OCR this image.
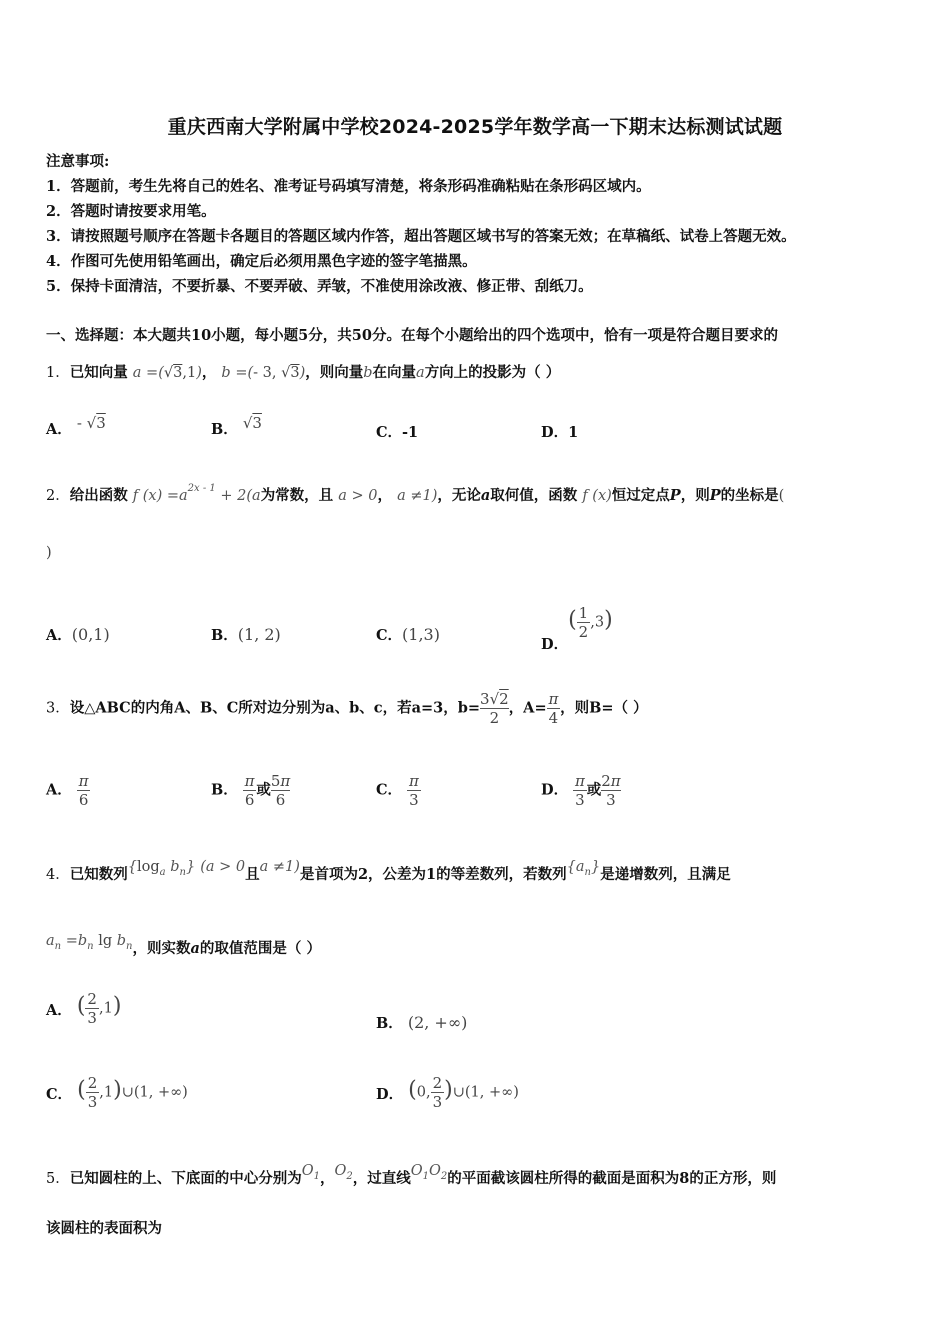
重庆西南大学附属中学校2024-2025学年数学高一下期末达标测试试题
注意事项:
1．答题前，考生先将自己的姓名、准考证号码填写清楚，将条形码准确粘贴在条形码区域内。
2．答题时请按要求用笔。
3．请按照题号顺序在答题卡各题目的答题区域内作答，超出答题区域书写的答案无效；在草稿纸、试卷上答题无效。
4．作图可先使用铅笔画出，确定后必须用黑色字迹的签字笔描黑。
5．保持卡面清洁，不要折暴、不要弄破、弄皱，不准使用涂改液、修正带、刮纸刀。
一、选择题：本大题共10小题，每小题5分，共50分。在每个小题给出的四个选项中，恰有一项是符合题目要求的
1．已知向量 a =(√3,1)， b =(- 3, √3)，则向量b在向量a方向上的投影为（ ）
A． - √3	B． √3
C．-1	D．1
2．给出函数 f $(x) =a^{2x - 1} + 2(a$为常数，且 a > 0， a ≠1)，无论a取何值，函数 f (x)恒过定点P，则P的坐标是(
)
A．(0,1)	B．(1, 2)	C．(1,3)	D．( $\frac{1}{2} ,3$)
3．设△ABC的内角A、B、C所对边分别为a、b、c，若a=3，$b= \frac{3√2}{2}$ ，$A= \frac{\pi}{4}$ ，则B=（ ）
A． $\frac{\pi}{6}$	B． $\frac{\pi}{6}$ 或 $\frac{5\pi}{6}$	C． $\frac{\pi}{3}$	D． $\frac{\pi}{3}$ 或 $\frac{2\pi}{3}$
4．已知数列{$\log_a$ $b_n$} (a > 0且a ≠1)是首项为2，公差为1的等差数列，若数列$\{a_n\}$是递增数列，且满足
$a_n =b_n$ $\lg b_n$，则实数a的取值范围是（ ）
A． ( $\frac{2}{3} ,1$)
B． (2, +∞)
C． ( $\frac{2}{3}$ ,1)∪(1, +∞)	D． (0, $\frac{2}{3}$ )∪(1, +∞)
5．已知圆柱的上、下底面的中心分别为$O_1$，$O_2$，过直线$O_1O_2$的平面截该圆柱所得的截面是面积为8的正方形，则
该圆柱的表面积为
